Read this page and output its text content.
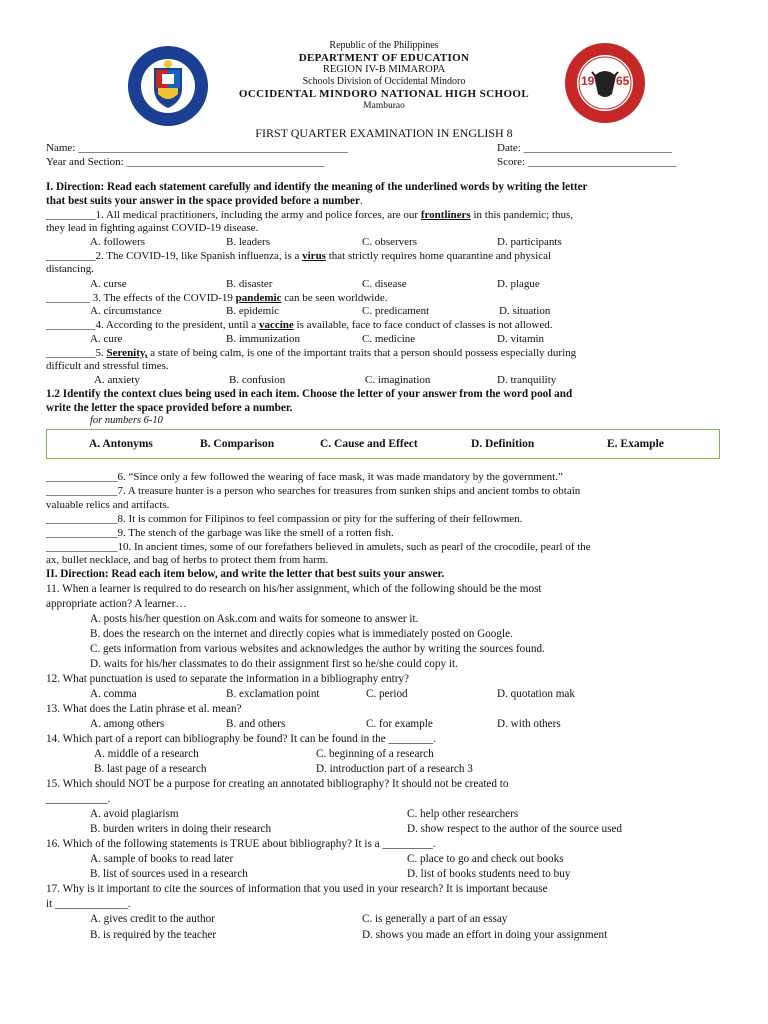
19 65
Republic of the Philippines
DEPARTMENT OF EDUCATION
REGION IV-B MIMAROPA
Schools Division of Occidental Mindoro
OCCIDENTAL MINDORO NATIONAL HIGH SCHOOL
Mamburao
FIRST QUARTER EXAMINATION IN ENGLISH 8
Name: _________________________________________________	Date: ___________________________
Year and Section: ____________________________________	Score: ___________________________
I. Direction: Read each statement carefully and identify the meaning of the underlined words by writing the letter
that best suits your answer in the space provided before a number.
_________1. All medical practitioners, including the army and police forces, are our frontliners in this pandemic; thus,
they lead in fighting against COVID-19 disease.
A. followers	B. leaders	C. observers	D. participants
_________2. The COVID-19, like Spanish influenza, is a virus that strictly requires home quarantine and physical
distancing.
A. curse	B. disaster	C. disease	D. plague
________ 3. The effects of the COVID-19 pandemic can be seen worldwide.
A. circumstance	B. epidemic	C. predicament	D. situation
_________4. According to the president, until a vaccine is available, face to face conduct of classes is not allowed.
A. cure	B. immunization	C. medicine	D. vitamin
_________5. Serenity, a state of being calm, is one of the important traits that a person should possess especially during
difficult and stressful times.
A. anxiety	B. confusion	C. imagination	D. tranquility
1.2 Identify the context clues being used in each item. Choose the letter of your answer from the word pool and
write the letter the space provided before a number.
for numbers 6-10
A. Antonyms	B. Comparison	C. Cause and Effect	D. Definition	E. Example
_____________6. “Since only a few followed the wearing of face mask, it was made mandatory by the government.”
_____________7. A treasure hunter is a person who searches for treasures from sunken ships and ancient tombs to obtain
valuable relics and artifacts.
_____________8. It is common for Filipinos to feel compassion or pity for the suffering of their fellowmen.
_____________9. The stench of the garbage was like the smell of a rotten fish.
_____________10. In ancient times, some of our forefathers believed in amulets, such as pearl of the crocodile, pearl of the
ax, bullet necklace, and bag of herbs to protect them from harm.
II. Direction: Read each item below, and write the letter that best suits your answer.
11. When a learner is required to do research on his/her assignment, which of the following should be the most
appropriate action? A learner…
A. posts his/her question on Ask.com and waits for someone to answer it.
B. does the research on the internet and directly copies what is immediately posted on Google.
C. gets information from various websites and acknowledges the author by writing the sources found.
D. waits for his/her classmates to do their assignment first so he/she could copy it.
12. What punctuation is used to separate the information in a bibliography entry?
A. comma	B. exclamation point	C. period	D. quotation mak
13. What does the Latin phrase et al. mean?
A. among others	B. and others	C. for example	D. with others
14. Which part of a report can bibliography be found? It can be found in the ________.
A. middle of a research	C. beginning of a research
B. last page of a research	D. introduction part of a research 3
15. Which should NOT be a purpose for creating an annotated bibliography? It should not be created to
___________.
A. avoid plagiarism	C. help other researchers
B. burden writers in doing their research	D. show respect to the author of the source used
16. Which of the following statements is TRUE about bibliography? It is a _________.
A. sample of books to read later	C. place to go and check out books
B. list of sources used in a research	D. list of books students need to buy
17. Why is it important to cite the sources of information that you used in your research? It is important because
it _____________.
A. gives credit to the author	C. is generally a part of an essay
B. is required by the teacher	D. shows you made an effort in doing your assignment
